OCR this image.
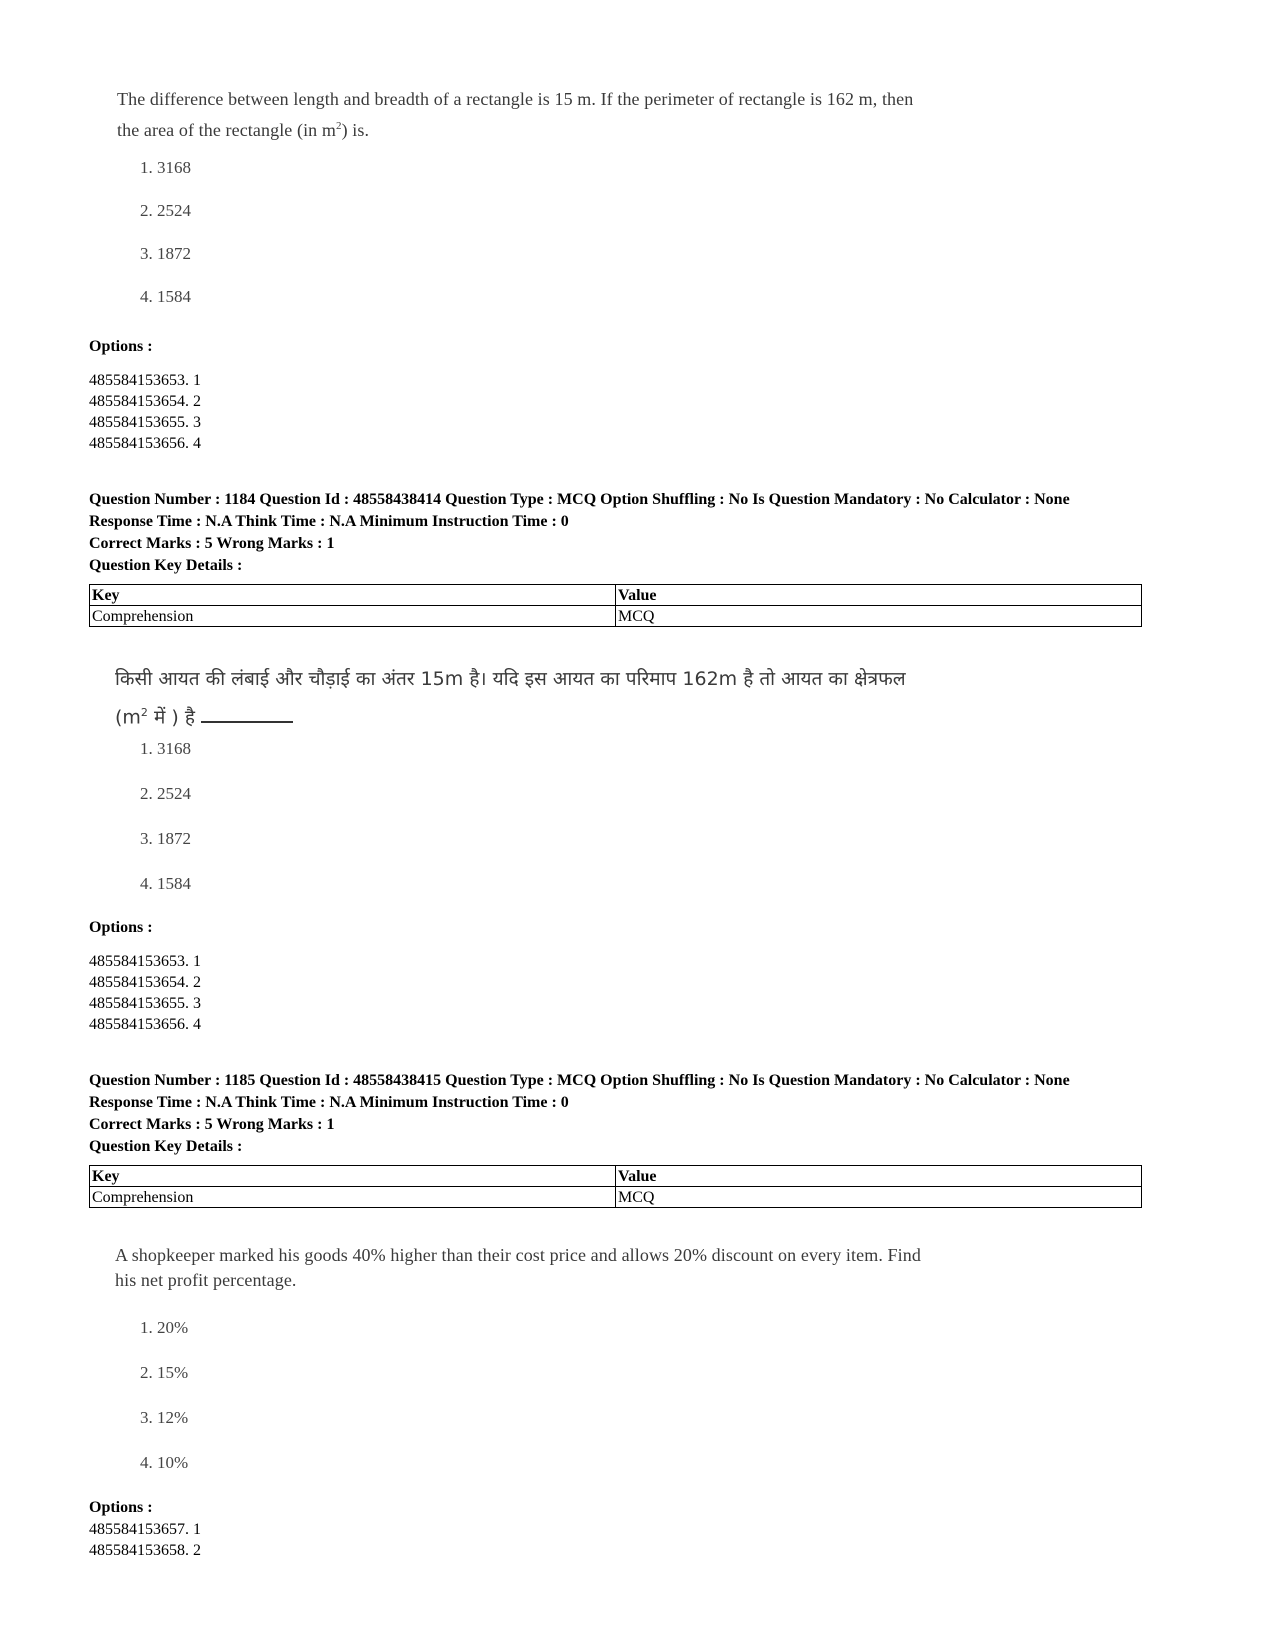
The difference between length and breadth of a rectangle is 15 m. If the perimeter of rectangle is 162 m, then
the area of the rectangle (in $m^2$) is.
1. 3168
2. 2524
3. 1872
4. 1584
Options :
485584153653. 1
485584153654. 2
485584153655. 3
485584153656. 4
Question Number : 1184 Question Id : 48558438414 Question Type : MCQ Option Shuffling : No Is Question Mandatory : No Calculator : None
Response Time : N.A Think Time : N.A Minimum Instruction Time : 0
Correct Marks : 5 Wrong Marks : 1
Question Key Details :
Key	Value
Comprehension	MCQ
किसी आयत की लंबाई और चौड़ाई का अंतर 15m है। यदि इस आयत का परिमाप 162m है तो आयत का क्षेत्रफल
($m^2$ में ) है
1. 3168
2. 2524
3. 1872
4. 1584
Options :
485584153653. 1
485584153654. 2
485584153655. 3
485584153656. 4
Question Number : 1185 Question Id : 48558438415 Question Type : MCQ Option Shuffling : No Is Question Mandatory : No Calculator : None
Response Time : N.A Think Time : N.A Minimum Instruction Time : 0
Correct Marks : 5 Wrong Marks : 1
Question Key Details :
Key	Value
Comprehension	MCQ
A shopkeeper marked his goods 40% higher than their cost price and allows 20% discount on every item. Find
his net profit percentage.
1. 20%
2. 15%
3. 12%
4. 10%
Options :
485584153657. 1
485584153658. 2
